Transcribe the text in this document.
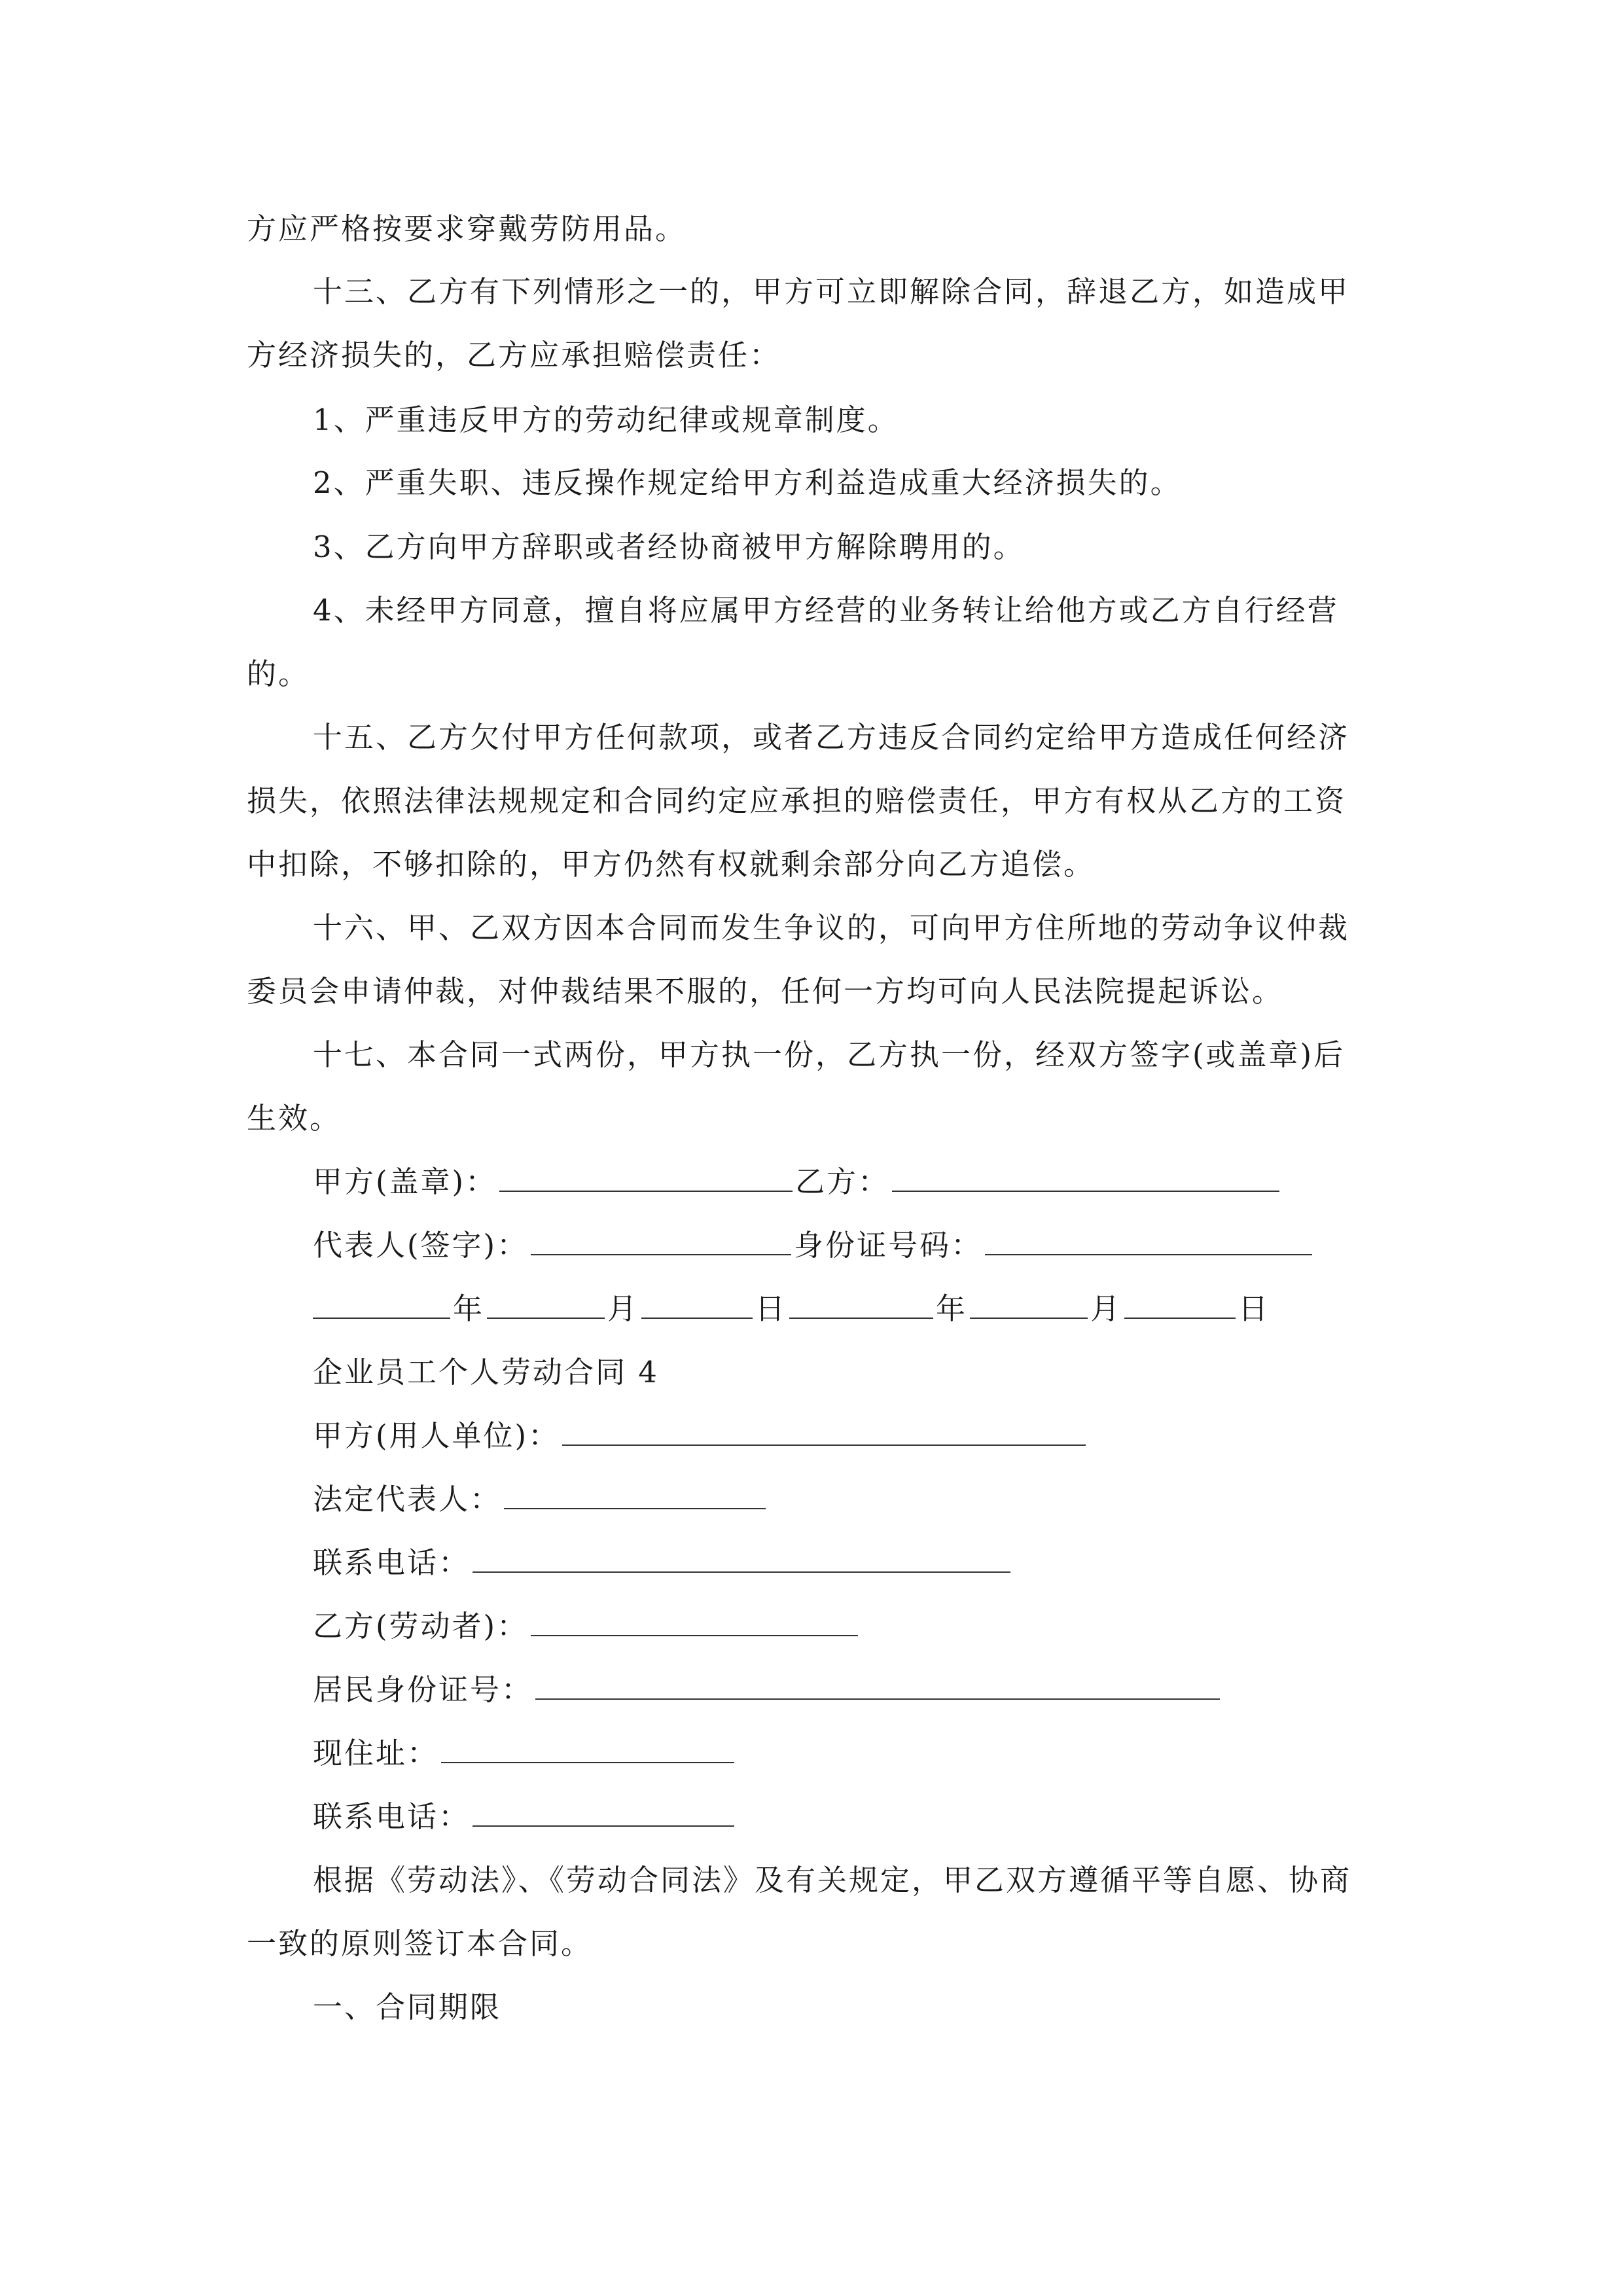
方应严格按要求穿戴劳防用品。
十三、乙方有下列情形之一的，甲方可立即解除合同，辞退乙方，如造成甲
方经济损失的，乙方应承担赔偿责任：
1、严重违反甲方的劳动纪律或规章制度。
2、严重失职、违反操作规定给甲方利益造成重大经济损失的。
3、乙方向甲方辞职或者经协商被甲方解除聘用的。
4、未经甲方同意，擅自将应属甲方经营的业务转让给他方或乙方自行经营
的。
十五、乙方欠付甲方任何款项，或者乙方违反合同约定给甲方造成任何经济
损失，依照法律法规规定和合同约定应承担的赔偿责任，甲方有权从乙方的工资
中扣除，不够扣除的，甲方仍然有权就剩余部分向乙方追偿。
十六、甲、乙双方因本合同而发生争议的，可向甲方住所地的劳动争议仲裁
委员会申请仲裁，对仲裁结果不服的，任何一方均可向人民法院提起诉讼。
十七、本合同一式两份，甲方执一份，乙方执一份，经双方签字(或盖章)后
生效。
甲方(盖章)：	乙方：
代表人(签字)：	身份证号码：
年	月	日	年	月	日
企业员工个人劳动合同 4
甲方(用人单位)：
法定代表人：
联系电话：
乙方(劳动者)：
居民身份证号：
现住址：
联系电话：
根据《劳动法》、《劳动合同法》及有关规定，甲乙双方遵循平等自愿、协商
一致的原则签订本合同。
一、合同期限
